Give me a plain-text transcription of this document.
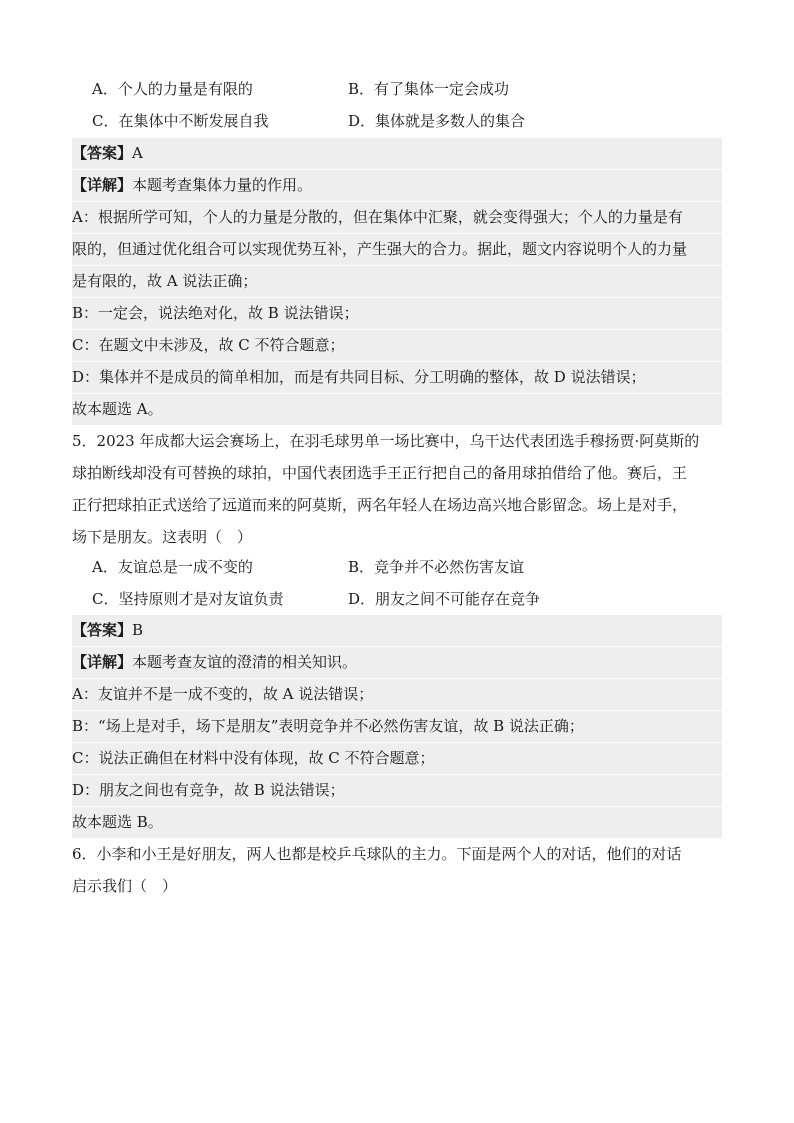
A．个人的力量是有限的	B．有了集体一定会成功
C．在集体中不断发展自我	D．集体就是多数人的集合
【答案】A
【详解】本题考查集体力量的作用。
A：根据所学可知，个人的力量是分散的，但在集体中汇聚，就会变得强大；个人的力量是有
限的，但通过优化组合可以实现优势互补，产生强大的合力。据此，题文内容说明个人的力量
是有限的，故 A 说法正确；
B：一定会，说法绝对化，故 B 说法错误；
C：在题文中未涉及，故 C 不符合题意；
D：集体并不是成员的简单相加，而是有共同目标、分工明确的整体，故 D 说法错误；
故本题选 A。
5．2023 年成都大运会赛场上，在羽毛球男单一场比赛中，乌干达代表团选手穆扬贾·阿莫斯的
球拍断线却没有可替换的球拍，中国代表团选手王正行把自己的备用球拍借给了他。赛后，王
正行把球拍正式送给了远道而来的阿莫斯，两名年轻人在场边高兴地合影留念。场上是对手，
场下是朋友。这表明（　）
A．友谊总是一成不变的	B．竞争并不必然伤害友谊
C．坚持原则才是对友谊负责	D．朋友之间不可能存在竞争
【答案】B
【详解】本题考查友谊的澄清的相关知识。
A：友谊并不是一成不变的，故 A 说法错误；
B：“场上是对手，场下是朋友”表明竞争并不必然伤害友谊，故 B 说法正确；
C：说法正确但在材料中没有体现，故 C 不符合题意；
D：朋友之间也有竞争，故 B 说法错误；
故本题选 B。
6．小李和小王是好朋友，两人也都是校乒乓球队的主力。下面是两个人的对话，他们的对话
启示我们（　）
